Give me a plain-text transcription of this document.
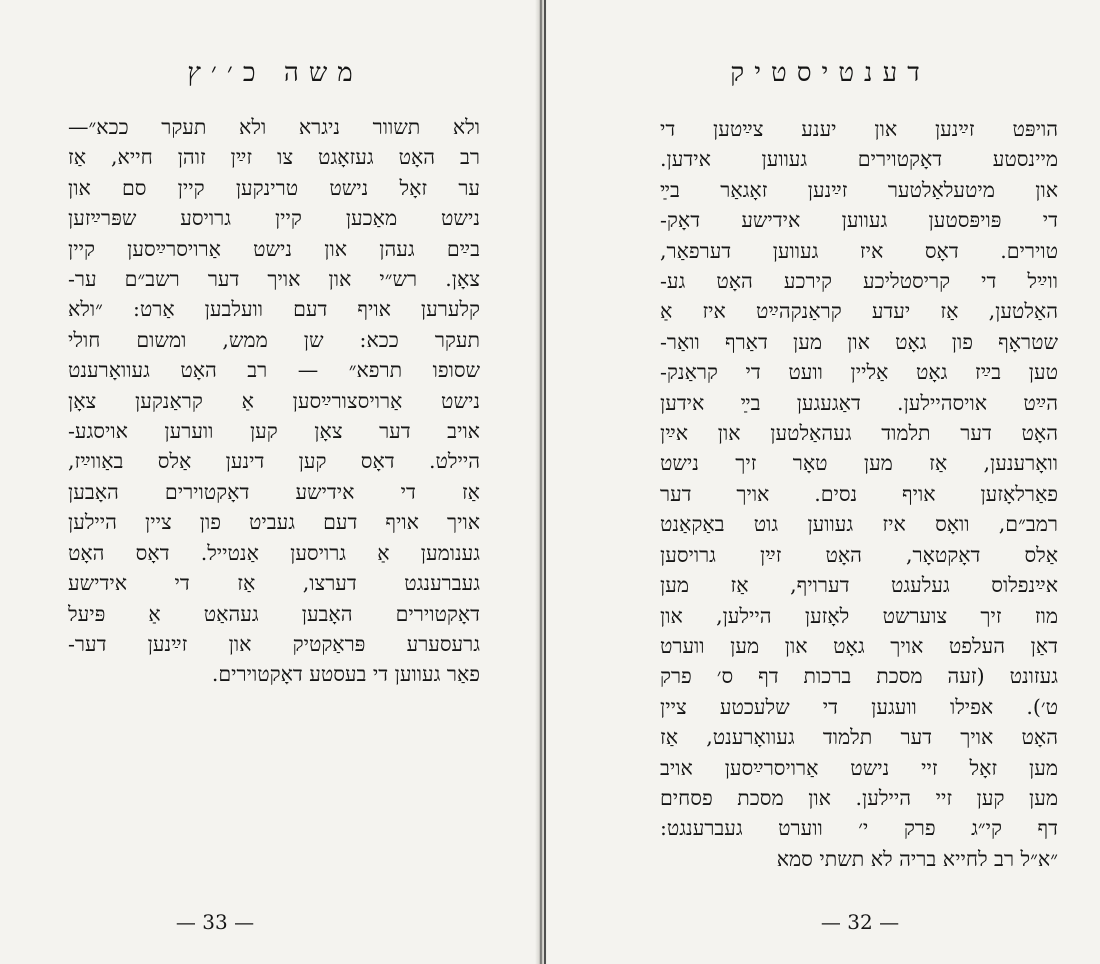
משה כ׳׳ץ
ולא תשוור ניגרא ולא תעקר ככא״—
רב האָט געזאָגט צו זײַן זוהן חייא, אַז
ער זאָל נישט טרינקען קיין סם און
נישט מאַכען קיין גרויסע שפּרײַזען
בײַם געהן און נישט אַרויסרײַסען קיין
צאָן. רש״י און אויך דער רשב״ם ער-
קלערען אויף דעם וועלבען אַרט: ״ולא
תעקר ככא: שן ממש, ומשום חולי
שסופו תרפא״ — רב האָט געוואָרענט
נישט אַרויסצורײַסען אַ קראַנקען צאָן
אויב דער צאָן קען ווערען אויסגע-
היילט. דאָס קען דינען אַלס באַווײַז,
אַז די אידישע דאָקטוירים האָבען
אויך אויף דעם געביט פון ציין היילען
גענומען אַ גרויסען אַנטייל. דאָס האָט
געברענגט דערצו, אַז די אידישע
דאָקטוירים האָבען געהאַט אַ פּיעל
גרעסערע פּראַקטיק און זײַנען דער-
פאַר געווען די בעסטע דאָקטוירים.
— 33 —
דענטיסטיק
הויפּט זײַנען און יענע צײַטען די
מיינסטע דאָקטוירים געווען אידען.
און מיטעלאַלטער זײַנען זאָגאַר בײַ
די פּויפּסטען געווען אידישע דאָק-
טוירים. דאָס איז געווען דערפאַר,
ווײַל די קריסטליכע קירכע האָט גע-
האַלטען, אַז יעדע קראַנקהײַט איז אַ
שטראָף פון גאָט און מען דאַרף וואַר-
טען בײַז גאָט אַליין וועט די קראַנק-
הײַט אויסהיילען. דאַגעגען בײַ אידען
האָט דער תלמוד געהאַלטען און אײַן
וואָרענען, אַז מען טאָר זיך נישט
פאַרלאָזען אויף נסים. אויך דער
רמב״ם, וואָס איז געווען גוט באַקאַנט
אַלס דאָקטאָר, האָט זײַן גרויסען
אײַנפלוס געלעגט דערויף, אַז מען
מוז זיך צוערשט לאָזען היילען, און
דאַן העלפט אויך גאָט און מען ווערט
געזונט (זעה מסכת ברכות דף ס׳ פרק
ט׳). אפילו וועגען די שלעכטע ציין
האָט אויך דער תלמוד געוואָרענט, אַז
מען זאָל זיי נישט אַרויסרײַסען אויב
מען קען זיי היילען. און מסכת פסחים
דף קי״ג פרק י׳ ווערט געברענגט:
״א״ל רב לחייא בריה לא תשתי סמא
— 32 —
